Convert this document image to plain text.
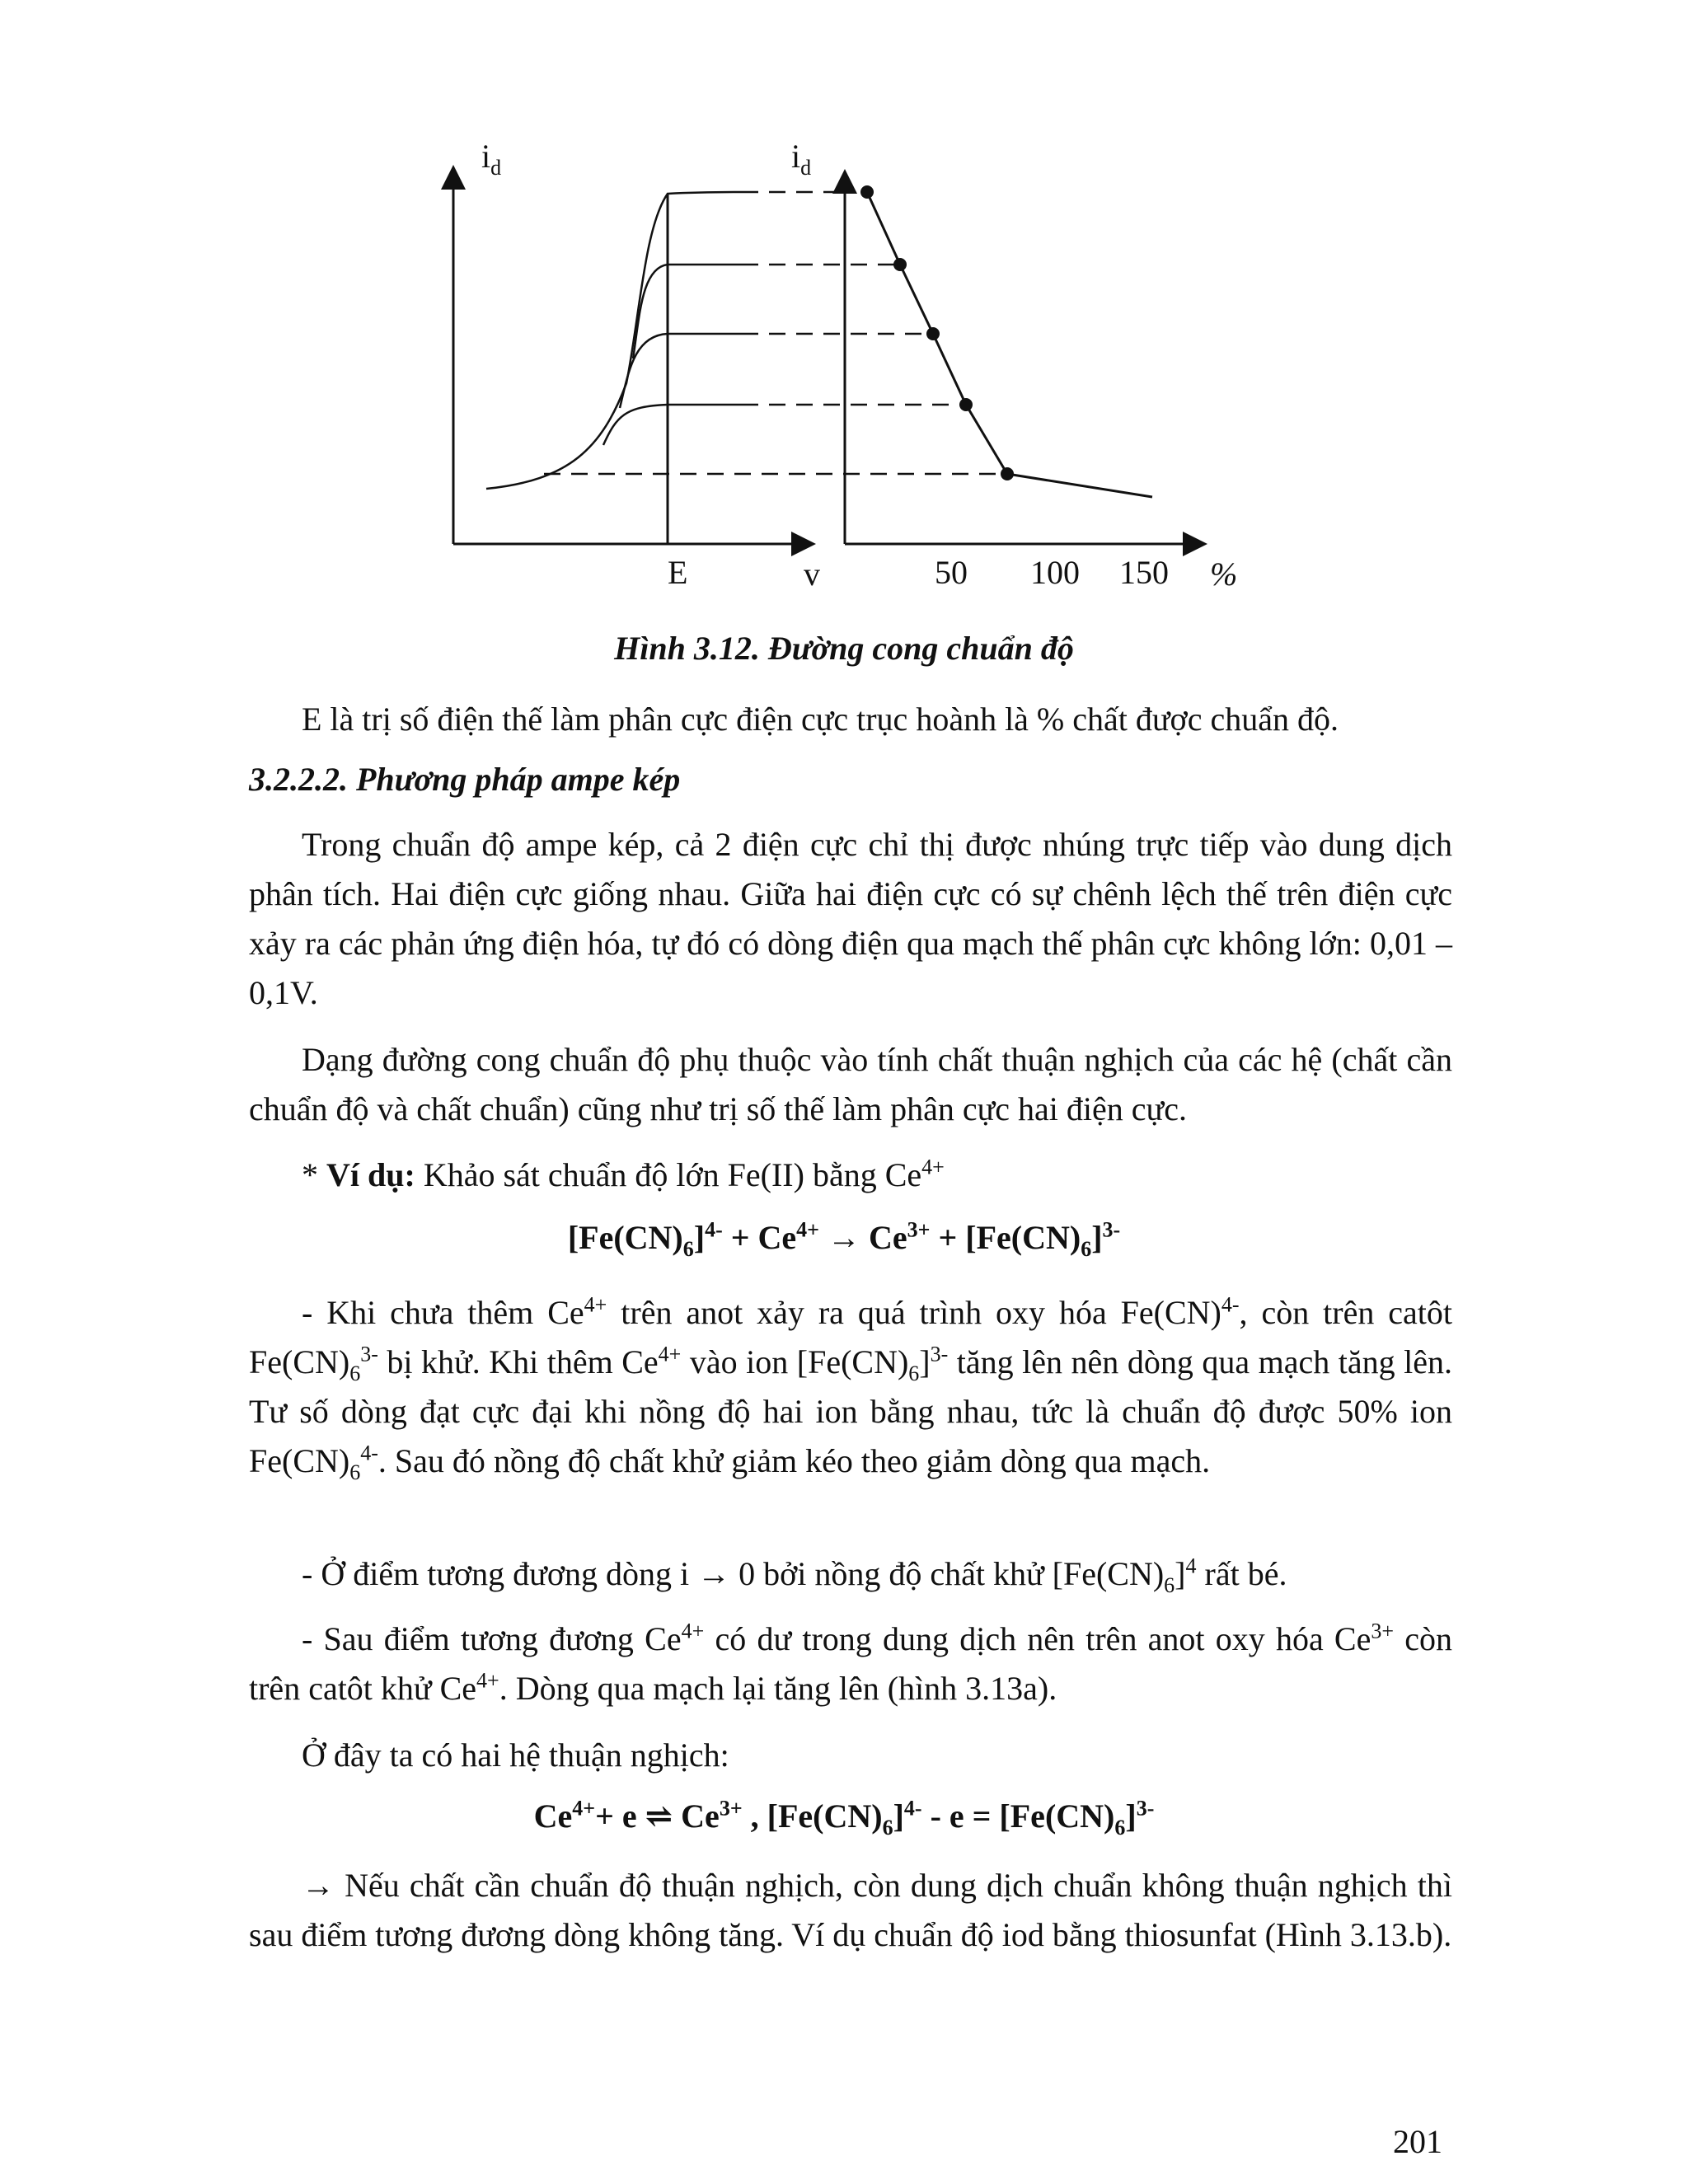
$i_d$	$i_d$
E	v	50 100 150 %
Hình 3.12. Đường cong chuẩn độ
E là trị số điện thế làm phân cực điện cực trục hoành là % chất được chuẩn độ.
3.2.2.2. Phương pháp ampe kép
Trong chuẩn độ ampe kép, cả 2 điện cực chỉ thị được nhúng trực tiếp vào dung dịch phân tích. Hai điện cực giống nhau. Giữa hai điện cực có sự chênh lệch thế trên điện cực xảy ra các phản ứng điện hóa, tự đó có dòng điện qua mạch thế phân cực không lớn: 0,01 – 0,1V.
Dạng đường cong chuẩn độ phụ thuộc vào tính chất thuận nghịch của các hệ (chất cần chuẩn độ và chất chuẩn) cũng như trị số thế làm phân cực hai điện cực.
* Ví dụ: Khảo sát chuẩn độ lớn Fe(II) bằng $Ce^{4+}$
$[Fe(CN)_6]^{4-} + Ce^{4+} \to Ce^{3+} + [Fe(CN)_6]^{3-}$
- Khi chưa thêm $Ce^{4+}$ trên anot xảy ra quá trình oxy hóa Fe(CN)$^{4-}$, còn trên catôt $Fe(CN)_6^{3-}$ bị khử. Khi thêm $Ce^{4+}$ vào ion $[Fe(CN)_6]^{3-}$ tăng lên nên dòng qua mạch tăng lên. Tư số dòng đạt cực đại khi nồng độ hai ion bằng nhau, tức là chuẩn độ được 50% ion $Fe(CN)_6^{4-}$. Sau đó nồng độ chất khử giảm kéo theo giảm dòng qua mạch.
- Ở điểm tương đương dòng i → 0 bởi nồng độ chất khử $[Fe(CN)_6]^4$ rất bé.
- Sau điểm tương đương $Ce^{4+}$ có dư trong dung dịch nên trên anot oxy hóa $Ce^{3+}$ còn trên catôt khử $Ce^{4+}$. Dòng qua mạch lại tăng lên (hình 3.13a).
Ở đây ta có hai hệ thuận nghịch:
$Ce^{4+}+ e$ ⇌ $Ce^{3+}$ , $[Fe(CN)_6]^{4-} - e = [Fe(CN)_6]^{3-}$
→ Nếu chất cần chuẩn độ thuận nghịch, còn dung dịch chuẩn không thuận nghịch thì sau điểm tương đương dòng không tăng. Ví dụ chuẩn độ iod bằng thiosunfat (Hình 3.13.b).
201
